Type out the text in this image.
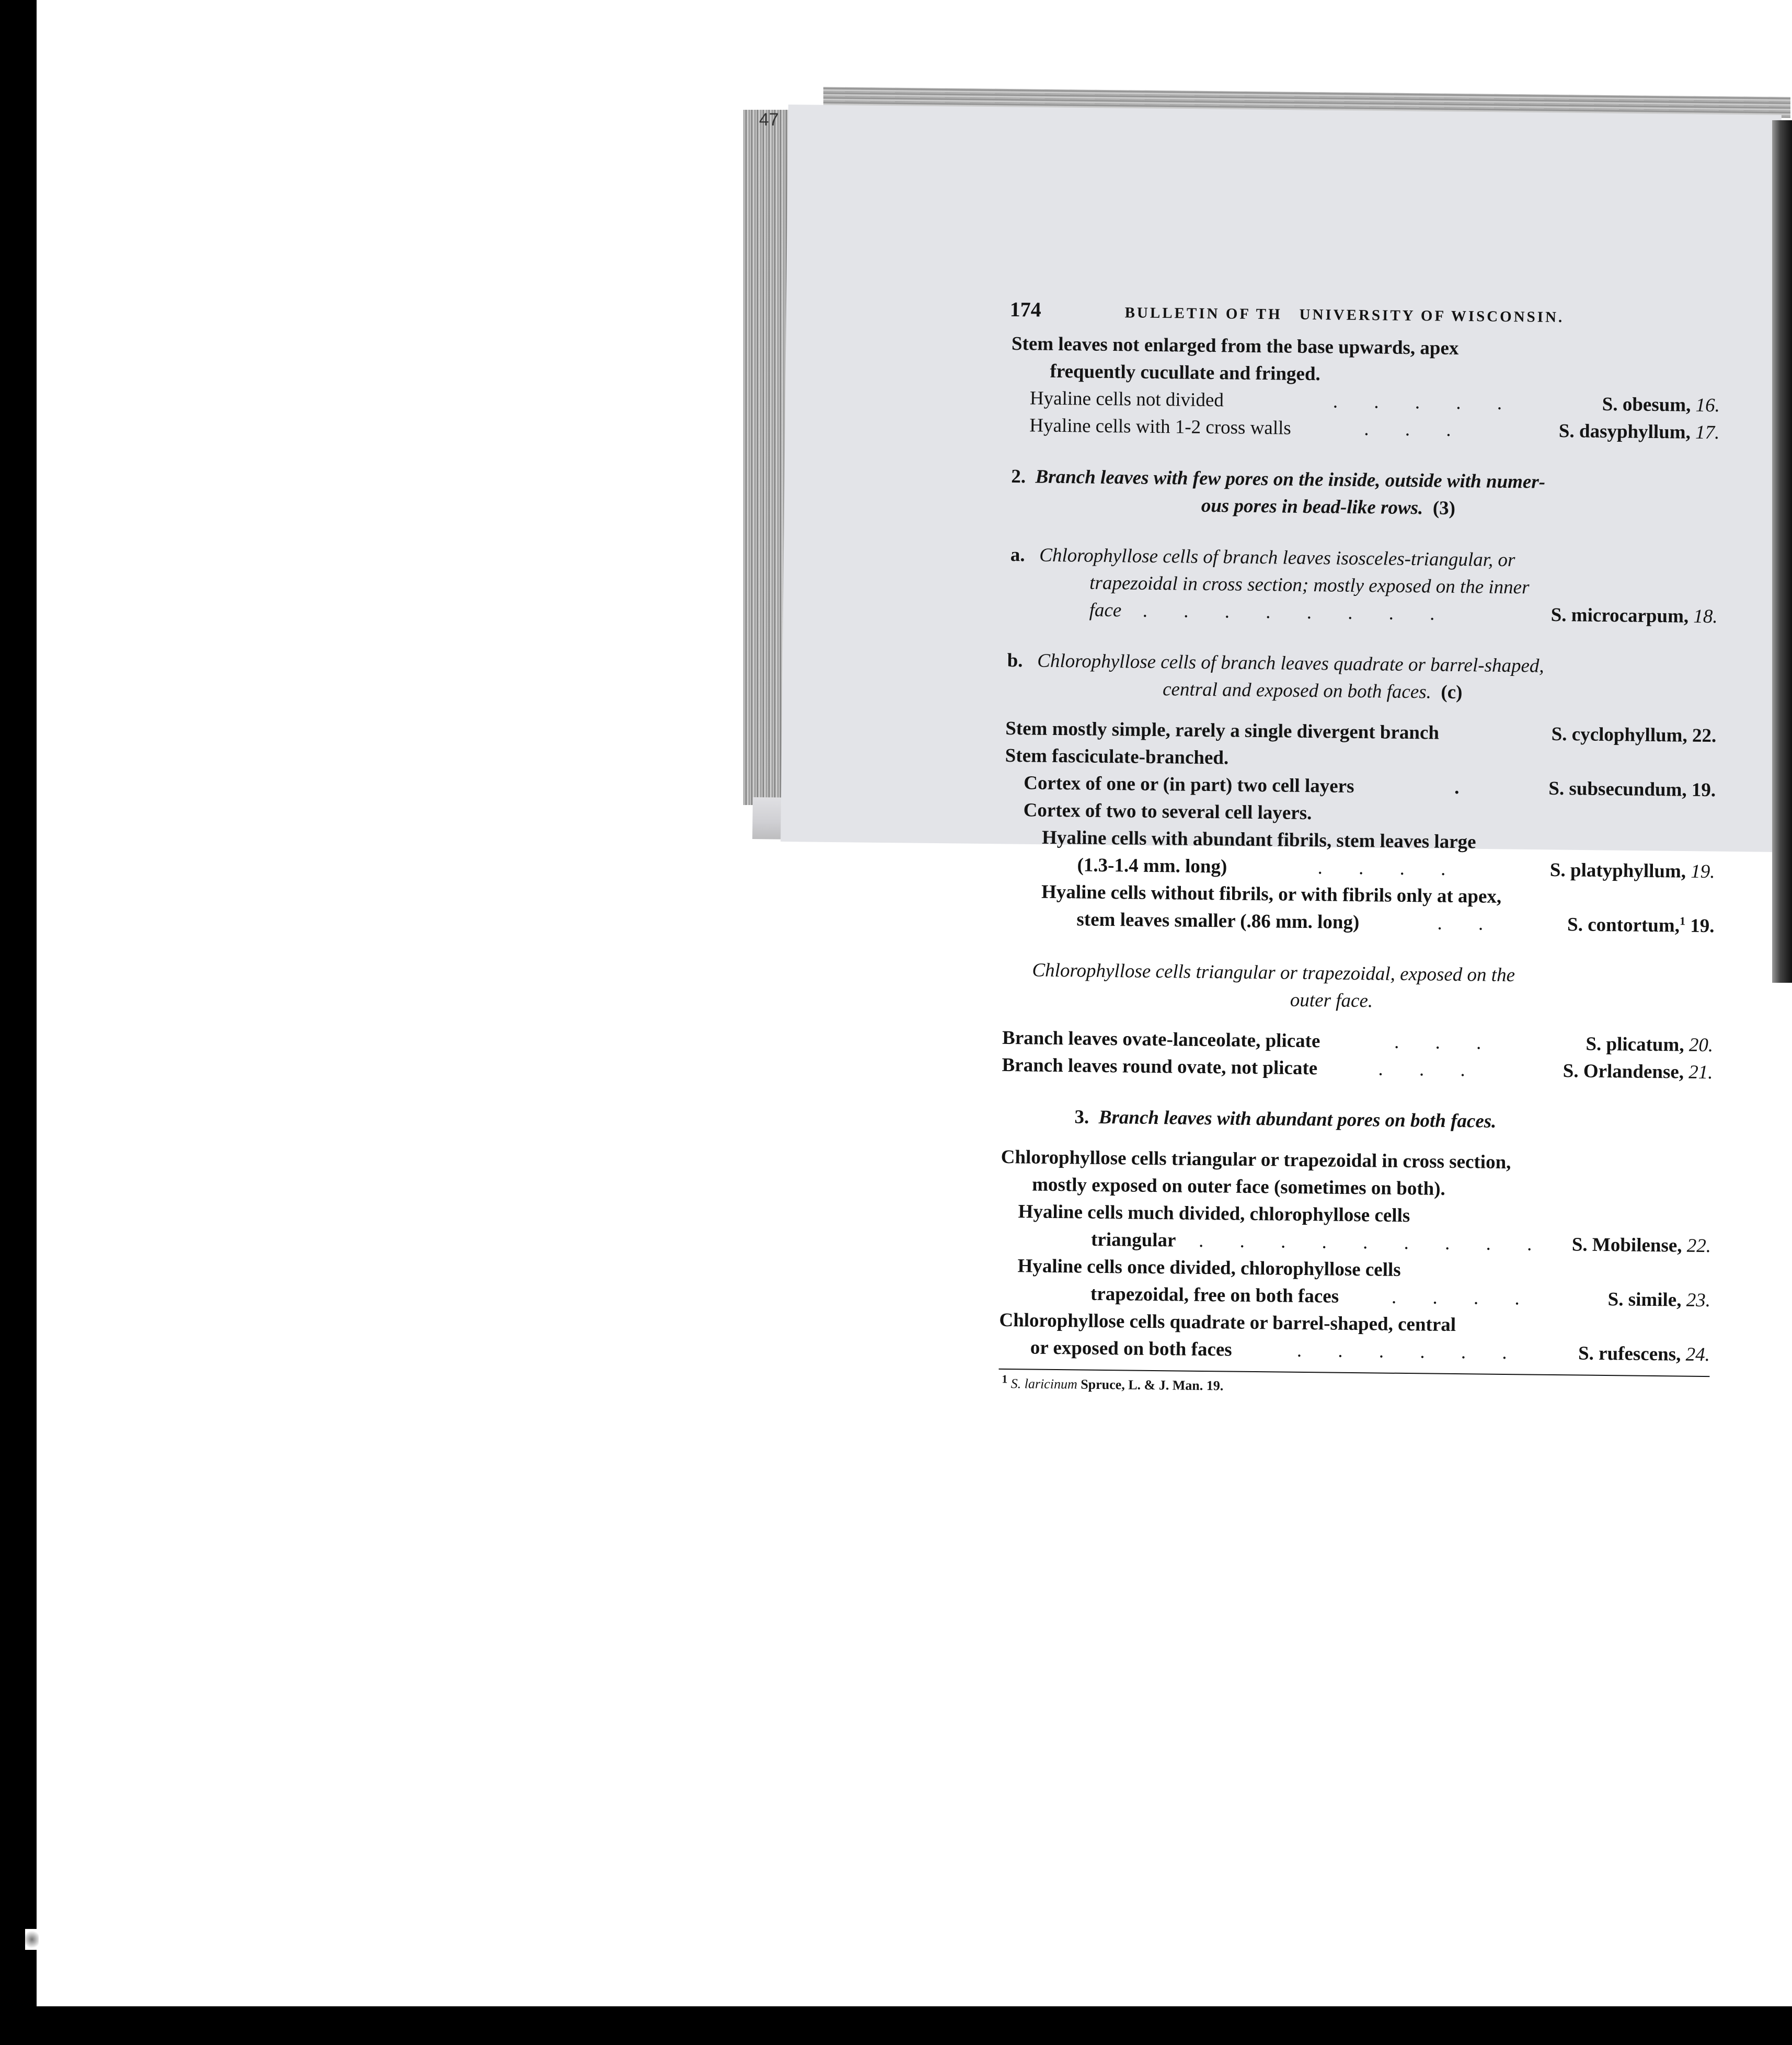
47
174	BULLETIN OF TH UNIVERSITY OF WISCONSIN.
Stem leaves not enlarged from the base upwards, apex
frequently cucullate and fringed.
Hyaline cells not divided	. . . . .	S. obesum, 16.
Hyaline cells with 1-2 cross walls	. . .	S. dasyphyllum, 17.
2. Branch leaves with few pores on the inside, outside with numer-
ous pores in bead-like rows. (3)
a. Chlorophyllose cells of branch leaves isosceles-triangular, or
trapezoidal in cross section; mostly exposed on the inner
face . . . . . . . .	S. microcarpum, 18.
b. Chlorophyllose cells of branch leaves quadrate or barrel-shaped,
central and exposed on both faces. (c)
Stem mostly simple, rarely a single divergent branch	S. cyclophyllum, 22.
Stem fasciculate-branched.
Cortex of one or (in part) two cell layers	.	S. subsecundum, 19.
Cortex of two to several cell layers.
Hyaline cells with abundant fibrils, stem leaves large
(1.3-1.4 mm. long)	. . . .	S. platyphyllum, 19.
Hyaline cells without fibrils, or with fibrils only at apex,
stem leaves smaller (.86 mm. long)	. .	S. contortum,$^1$ 19.
Chlorophyllose cells triangular or trapezoidal, exposed on the
outer face.
Branch leaves ovate-lanceolate, plicate	. . .	S. plicatum, 20.
Branch leaves round ovate, not plicate	. . .	S. Orlandense, 21.
3. Branch leaves with abundant pores on both faces.
Chlorophyllose cells triangular or trapezoidal in cross section,
mostly exposed on outer face (sometimes on both).
Hyaline cells much divided, chlorophyllose cells
triangular . . . . . . . . . S. Mobilense, 22.
Hyaline cells once divided, chlorophyllose cells
trapezoidal, free on both faces	. . . .	S. simile, 23.
Chlorophyllose cells quadrate or barrel-shaped, central
or exposed on both faces	. . . . . .	S. rufescens, 24.
$^1$ S. laricinum Spruce, L. & J. Man. 19.
